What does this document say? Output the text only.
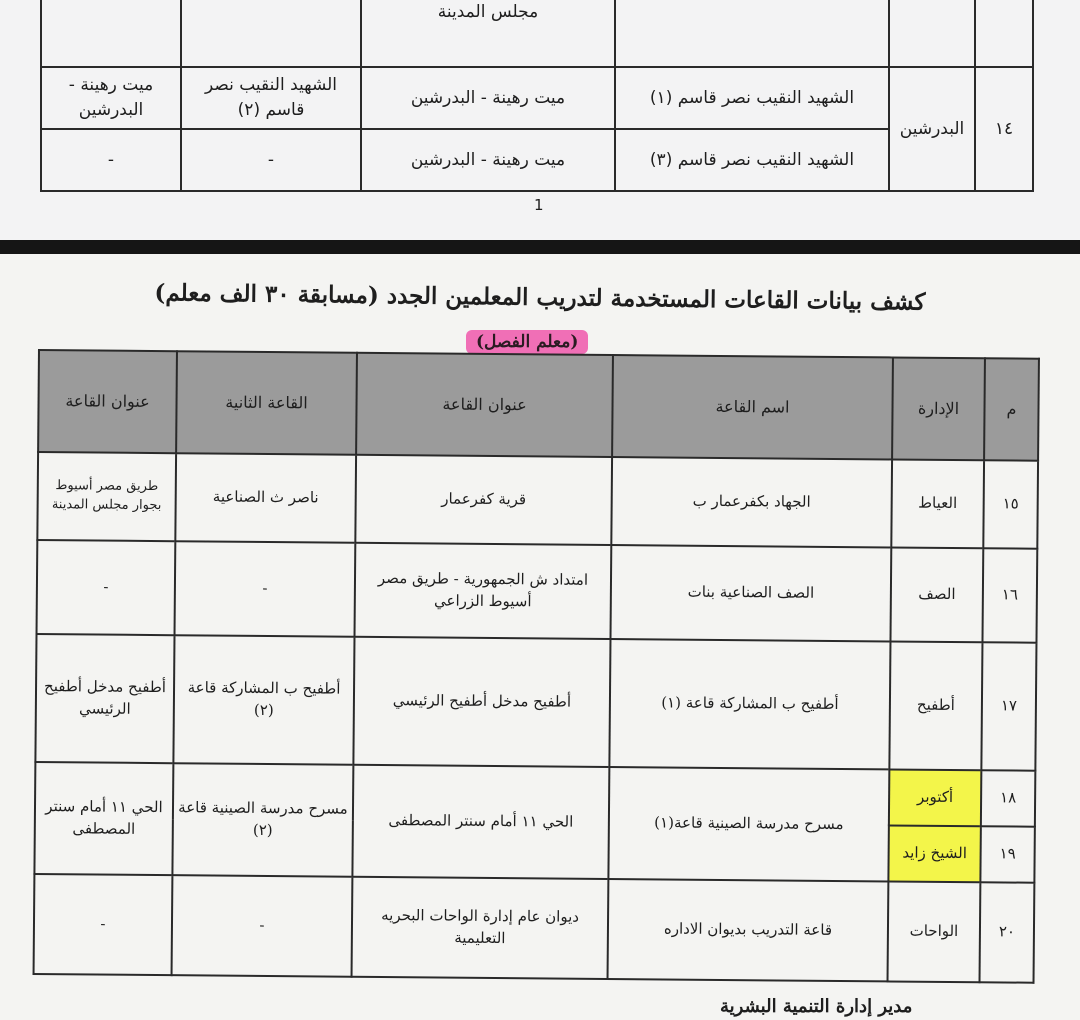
			مجلس المدينة		
١٤	البدرشين	الشهيد النقيب نصر قاسم (١)	ميت رهينة - البدرشين	الشهيد النقيب نصر قاسم (٢)	ميت رهينة - البدرشين
		الشهيد النقيب نصر قاسم (٣)	ميت رهينة - البدرشين	-	-
1
كشف بيانات القاعات المستخدمة لتدريب المعلمين الجدد (مسابقة ٣٠ الف معلم)
(معلم الفصل)
م	الإدارة	اسم القاعة	عنوان القاعة	القاعة الثانية	عنوان القاعة
١٥	العياط	الجهاد بكفرعمار ب	قرية كفرعمار	ناصر ث الصناعية	طريق مصر أسيوط بجوار مجلس المدينة
١٦	الصف	الصف الصناعية بنات	امتداد ش الجمهورية - طريق مصر أسيوط الزراعي	-	-
١٧	أطفيح	أطفيح ب المشاركة قاعة (١)	أطفيح مدخل أطفيح الرئيسي	أطفيح ب المشاركة قاعة (٢)	أطفيح مدخل أطفيح الرئيسي
١٨	أكتوبر	مسرح مدرسة الصينية قاعة(١)	الحي ١١ أمام سنتر المصطفى	مسرح مدرسة الصينية قاعة (٢)	الحي ١١ أمام سنتر المصطفى
١٩	الشيخ زايد				
٢٠	الواحات	قاعة التدريب بديوان الاداره	ديوان عام إدارة الواحات البحريه التعليمية	-	-
مدير إدارة التنمية البشرية
